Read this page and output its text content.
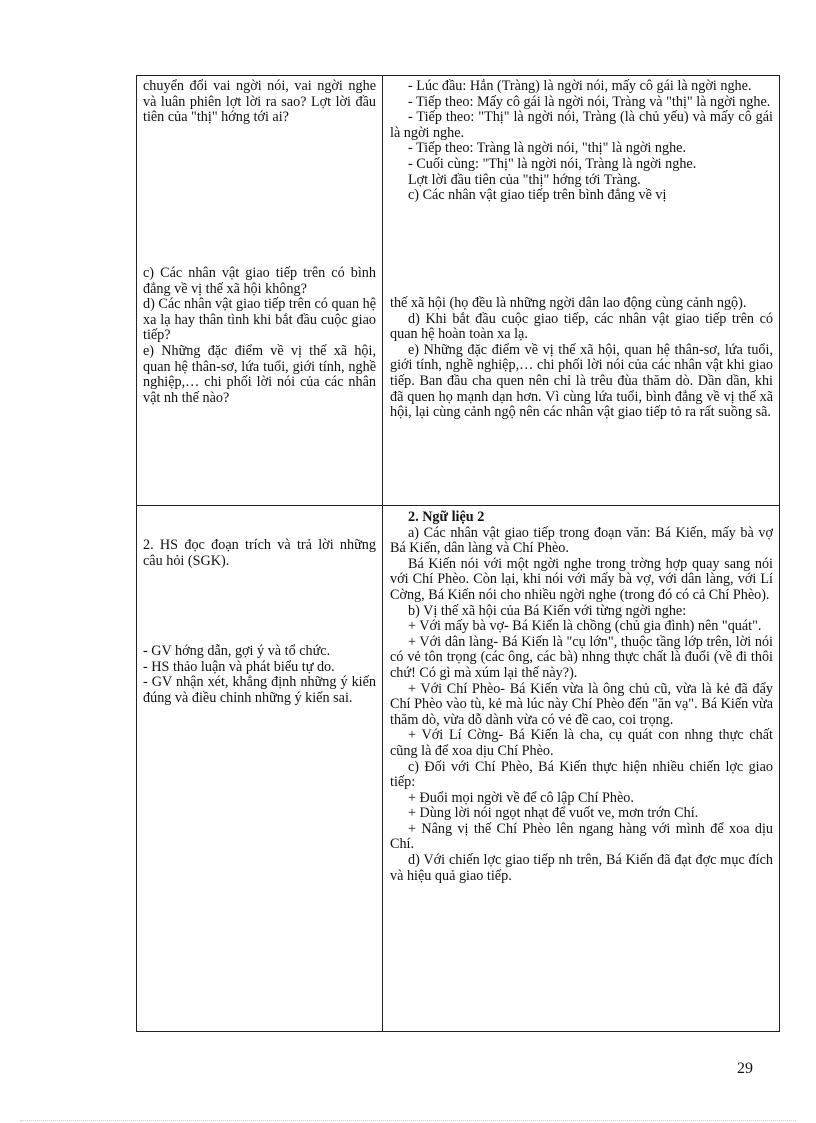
chuyển đổi vai ngời nói, vai ngời nghe và luân phiên lợt lời ra sao? Lợt lời đầu tiên của "thị" hớng tới ai?

c) Các nhân vật giao tiếp trên có bình đẳng về vị thế xã hội không?

d) Các nhân vật giao tiếp trên có quan hệ xa lạ hay thân tình khi bắt đầu cuộc giao tiếp?

e) Những đặc điểm về vị thế xã hội, quan hệ thân-sơ, lứa tuổi, giới tính, nghề nghiệp,… chi phối lời nói của các nhân vật nh thế nào?

- Lúc đầu: Hắn (Tràng) là ngời nói, mấy cô gái là ngời nghe.

- Tiếp theo: Mấy cô gái là ngời nói, Tràng và "thị" là ngời nghe.

- Tiếp theo: "Thị" là ngời nói, Tràng (là chủ yếu) và mấy cô gái là ngời nghe.

- Tiếp theo: Tràng là ngời nói, "thị" là ngời nghe.

- Cuối cùng: "Thị" là ngời nói, Tràng là ngời nghe.

Lợt lời đầu tiên của "thị" hớng tới Tràng.

c) Các nhân vật giao tiếp trên bình đẳng về vị

thế xã hội (họ đều là những ngời dân lao động cùng cảnh ngộ).

d) Khi bắt đầu cuộc giao tiếp, các nhân vật giao tiếp trên có quan hệ hoàn toàn xa lạ.

e) Những đặc điểm về vị thế xã hội, quan hệ thân-sơ, lứa tuổi, giới tính, nghề nghiệp,… chi phối lời nói của các nhân vật khi giao tiếp. Ban đầu cha quen nên chỉ là trêu đùa thăm dò. Dần dần, khi đã quen họ mạnh dạn hơn. Vì cùng lứa tuổi, bình đẳng về vị thế xã hội, lại cùng cảnh ngộ nên các nhân vật giao tiếp tỏ ra rất suồng sã.

2. HS đọc đoạn trích và trả lời những câu hỏi (SGK).

- GV hớng dẫn, gợi ý và tổ chức.

- HS thảo luận và phát biểu tự do.

- GV nhận xét, khẳng định những ý kiến đúng và điều chỉnh những ý kiến sai.

2. Ngữ liệu 2

a) Các nhân vật giao tiếp trong đoạn văn: Bá Kiến, mấy bà vợ Bá Kiến, dân làng và Chí Phèo.

Bá Kiến nói với một ngời nghe trong trờng hợp quay sang nói với Chí Phèo. Còn lại, khi nói với mấy bà vợ, với dân làng, với Lí Cờng, Bá Kiến nói cho nhiều ngời nghe (trong đó có cả Chí Phèo).

b) Vị thế xã hội của Bá Kiến với từng ngời nghe:

+ Với mấy bà vợ- Bá Kiến là chồng (chủ gia đình) nên "quát".

+ Với dân làng- Bá Kiến là "cụ lớn", thuộc tầng lớp trên, lời nói có vẻ tôn trọng (các ông, các bà) nhng thực chất là đuổi (về đi thôi chứ! Có gì mà xúm lại thế này?).

+ Với Chí Phèo- Bá Kiến vừa là ông chủ cũ, vừa là kẻ đã đẩy Chí Phèo vào tù, kẻ mà lúc này Chí Phèo đến "ăn vạ". Bá Kiến vừa thăm dò, vừa dỗ dành vừa có vẻ đề cao, coi trọng.

+ Với Lí Cờng- Bá Kiến là cha, cụ quát con nhng thực chất cũng là để xoa dịu Chí Phèo.

c) Đối với Chí Phèo, Bá Kiến thực hiện nhiều chiến lợc giao tiếp:

+ Đuổi mọi ngời về để cô lập Chí Phèo.

+ Dùng lời nói ngọt nhạt để vuốt ve, mơn trớn Chí.

+ Nâng vị thế Chí Phèo lên ngang hàng với mình để xoa dịu Chí.

d) Với chiến lợc giao tiếp nh trên, Bá Kiến đã đạt đợc mục đích và hiệu quả giao tiếp.

29
